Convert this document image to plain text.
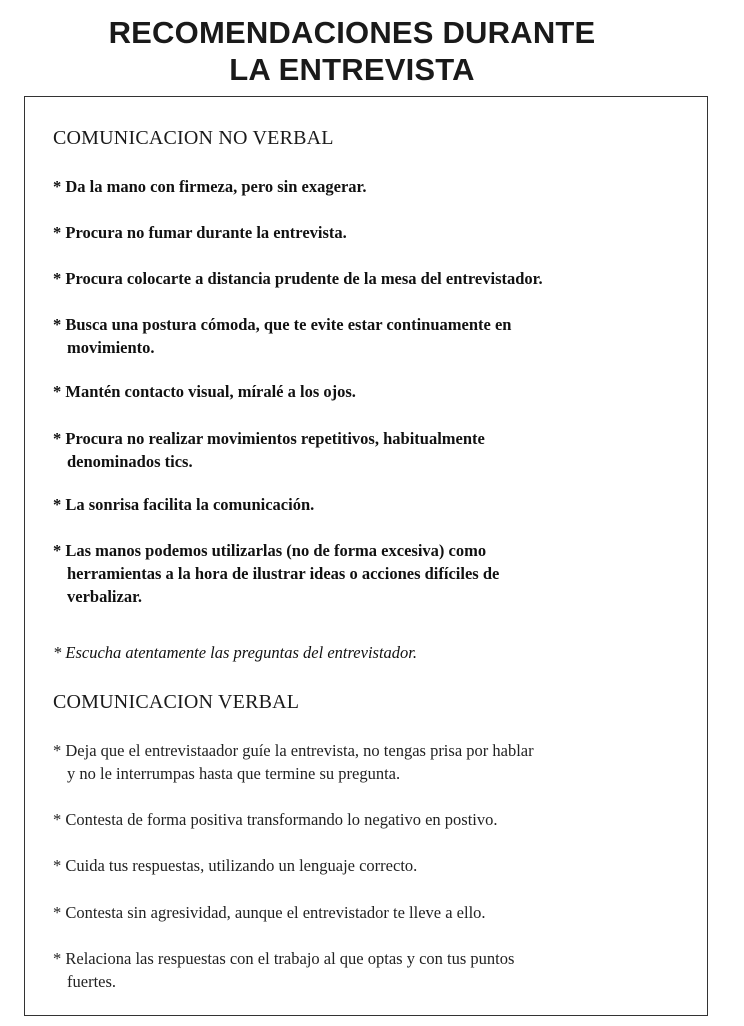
RECOMENDACIONES DURANTE
LA ENTREVISTA
COMUNICACION NO VERBAL

* Da la mano con firmeza, pero sin exagerar.

* Procura no fumar durante la entrevista.

* Procura colocarte a distancia prudente de la mesa del entrevistador.

* Busca una postura cómoda, que te evite estar continuamente en
movimiento.

* Mantén contacto visual, míralé a los ojos.

* Procura no realizar movimientos repetitivos, habitualmente
denominados tics.

* La sonrisa facilita la comunicación.

* Las manos podemos utilizarlas (no de forma excesiva) como
herramientas a la hora de ilustrar ideas o acciones difíciles de
verbalizar.

* Escucha atentamente las preguntas del entrevistador.

COMUNICACION VERBAL

* Deja que el entrevistaador guíe la entrevista, no tengas prisa por hablar
y no le interrumpas hasta que termine su pregunta.

* Contesta de forma positiva transformando lo negativo en postivo.

* Cuida tus respuestas, utilizando un lenguaje correcto.

* Contesta sin agresividad, aunque el entrevistador te lleve a ello.

* Relaciona las respuestas con el trabajo al que optas y con tus puntos
fuertes.
